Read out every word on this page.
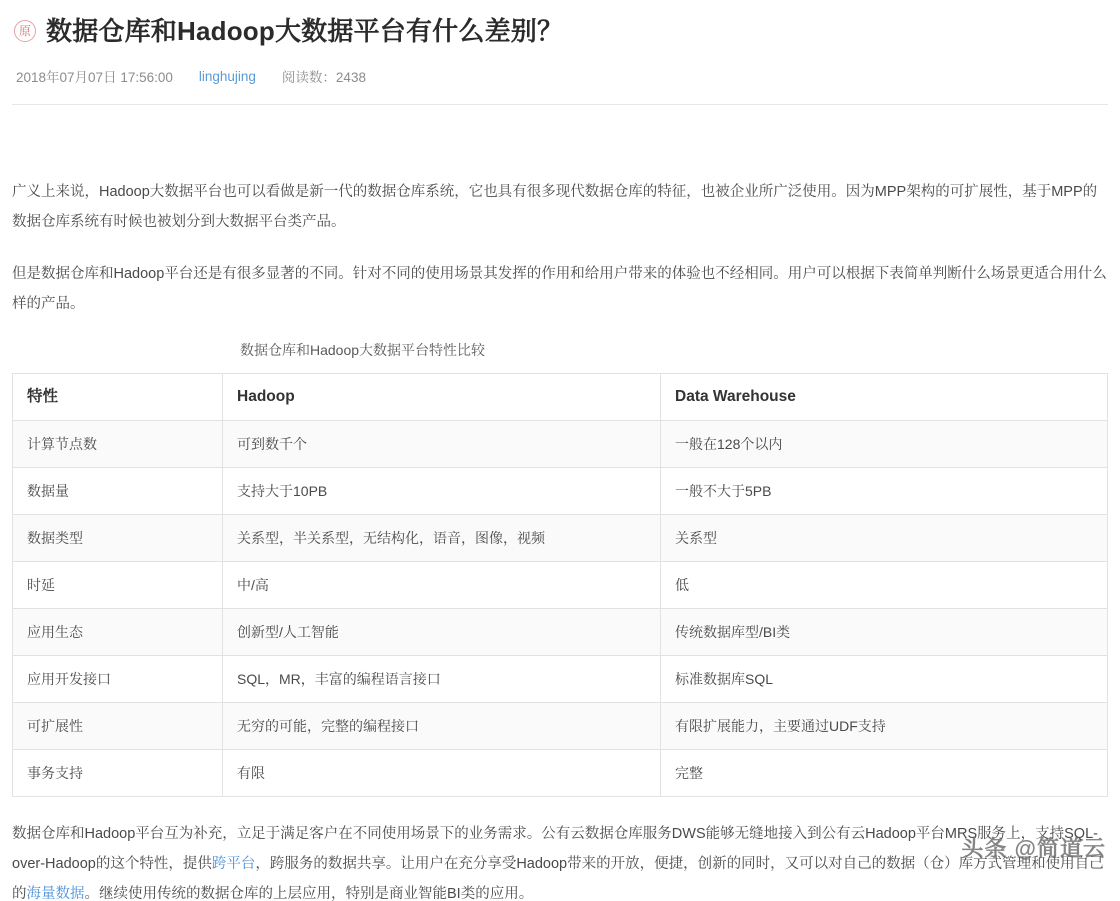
原 数据仓库和Hadoop大数据平台有什么差别？
2018年07月07日 17:56:00 linghujing 阅读数：2438

广义上来说，Hadoop大数据平台也可以看做是新一代的数据仓库系统，它也具有很多现代数据仓库的特征，也被企业所广泛使用。因为MPP架构的可扩展性，基于MPP的数据仓库系统有时候也被划分到大数据平台类产品。

但是数据仓库和Hadoop平台还是有很多显著的不同。针对不同的使用场景其发挥的作用和给用户带来的体验也不经相同。用户可以根据下表简单判断什么场景更适合用什么样的产品。

数据仓库和Hadoop大数据平台特性比较
特性	Hadoop	Data Warehouse
计算节点数	可到数千个	一般在128个以内
数据量	支持大于10PB	一般不大于5PB
数据类型	关系型，半关系型，无结构化，语音，图像，视频	关系型
时延	中/高	低
应用生态	创新型/人工智能	传统数据库型/BI类
应用开发接口	SQL，MR，丰富的编程语言接口	标准数据库SQL
可扩展性	无穷的可能，完整的编程接口	有限扩展能力，主要通过UDF支持
事务支持	有限	完整

数据仓库和Hadoop平台互为补充，立足于满足客户在不同使用场景下的业务需求。公有云数据仓库服务DWS能够无缝地接入到公有云Hadoop平台MRS服务上，支持SQL-over-Hadoop的这个特性，提供跨平台，跨服务的数据共享。让用户在充分享受Hadoop带来的开放，便捷，创新的同时，又可以对自己的数据（仓）库方式管理和使用自己的海量数据。继续使用传统的数据仓库的上层应用，特别是商业智能BI类的应用。

头条 @简道云
